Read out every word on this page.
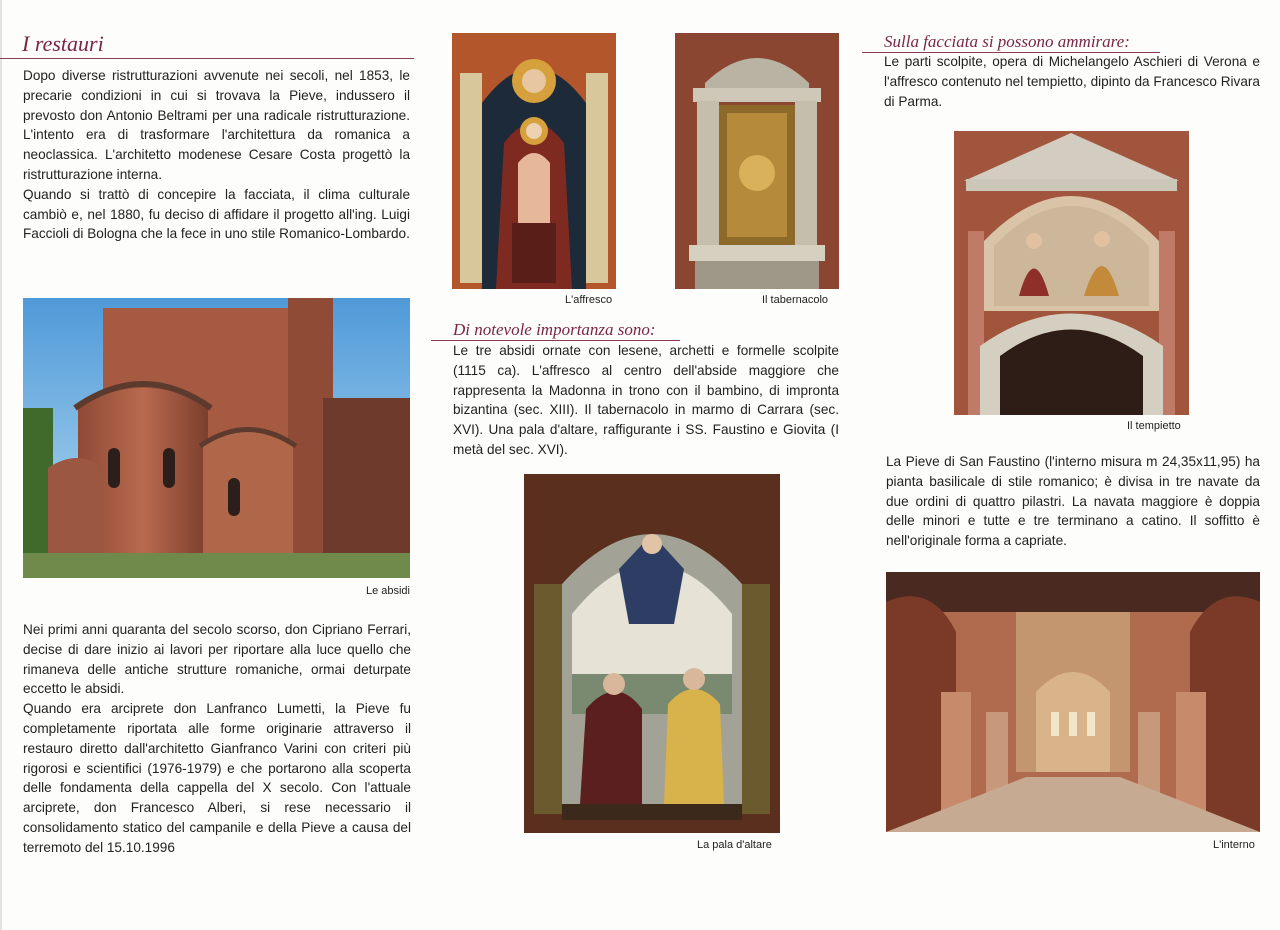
I restauri

Dopo diverse ristrutturazioni avvenute nei secoli, nel 1853, le precarie condizioni in cui si trovava la Pieve, indussero il prevosto don Antonio Beltrami per una radicale ristrutturazione. L'intento era di trasformare l'architettura da romanica a neoclassica. L'architetto modenese Cesare Costa progettò la ristrutturazione interna.

Quando si trattò di concepire la facciata, il clima culturale cambiò e, nel 1880, fu deciso di affidare il progetto all'ing. Luigi Faccioli di Bologna che la fece in uno stile Romanico-Lombardo.

Le absidi

Nei primi anni quaranta del secolo scorso, don Cipriano Ferrari, decise di dare inizio ai lavori per riportare alla luce quello che rimaneva delle antiche strutture romaniche, ormai deturpate eccetto le absidi.

Quando era arciprete don Lanfranco Lumetti, la Pieve fu completamente riportata alle forme originarie attraverso il restauro diretto dall'architetto Gianfranco Varini con criteri più rigorosi e scientifici (1976-1979) e che portarono alla scoperta delle fondamenta della cappella del X secolo. Con l'attuale arciprete, don Francesco Alberi, si rese necessario il consolidamento statico del campanile e della Pieve a causa del terremoto del 15.10.1996

L'affresco	Il tabernacolo
Di notevole importanza sono:

Le tre absidi ornate con lesene, archetti e formelle scolpite (1115 ca). L'affresco al centro dell'abside maggiore che rappresenta la Madonna in trono con il bambino, di impronta bizantina (sec. XIII). Il tabernacolo in marmo di Carrara (sec. XVI). Una pala d'altare, raffigurante i SS. Faustino e Giovita (I metà del sec. XVI).

La pala d'altare
Sulla facciata si possono ammirare:

Le parti scolpite, opera di Michelangelo Aschieri di Verona e l'affresco contenuto nel tempietto, dipinto da Francesco Rivara di Parma.

Il tempietto

La Pieve di San Faustino (l'interno misura m 24,35x11,95) ha pianta basilicale di stile romanico; è divisa in tre navate da due ordini di quattro pilastri. La navata maggiore è doppia delle minori e tutte e tre terminano a catino. Il soffitto è nell'originale forma a capriate.

L'interno
